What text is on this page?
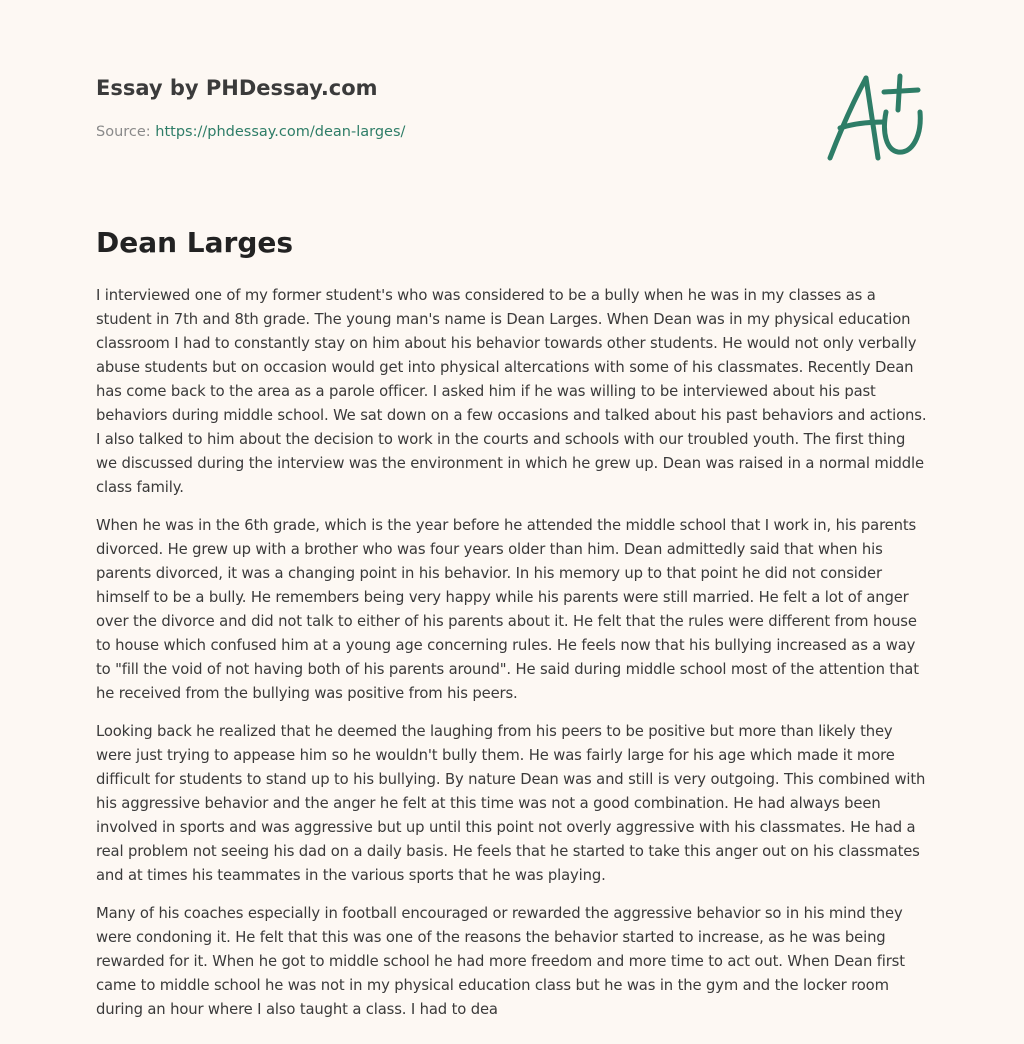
Essay by PHDessay.com
Source: https://phdessay.com/dean-larges/
Dean Larges

I interviewed one of my former student's who was considered to be a bully when he was in my classes as a student in 7th and 8th grade. The young man's name is Dean Larges. When Dean was in my physical education classroom I had to constantly stay on him about his behavior towards other students. He would not only verbally abuse students but on occasion would get into physical altercations with some of his classmates. Recently Dean has come back to the area as a parole officer. I asked him if he was willing to be interviewed about his past behaviors during middle school. We sat down on a few occasions and talked about his past behaviors and actions. I also talked to him about the decision to work in the courts and schools with our troubled youth. The first thing we discussed during the interview was the environment in which he grew up. Dean was raised in a normal middle class family.

When he was in the 6th grade, which is the year before he attended the middle school that I work in, his parents divorced. He grew up with a brother who was four years older than him. Dean admittedly said that when his parents divorced, it was a changing point in his behavior. In his memory up to that point he did not consider himself to be a bully. He remembers being very happy while his parents were still married. He felt a lot of anger over the divorce and did not talk to either of his parents about it. He felt that the rules were different from house to house which confused him at a young age concerning rules. He feels now that his bullying increased as a way to "fill the void of not having both of his parents around". He said during middle school most of the attention that he received from the bullying was positive from his peers.

Looking back he realized that he deemed the laughing from his peers to be positive but more than likely they were just trying to appease him so he wouldn't bully them. He was fairly large for his age which made it more difficult for students to stand up to his bullying. By nature Dean was and still is very outgoing. This combined with his aggressive behavior and the anger he felt at this time was not a good combination. He had always been involved in sports and was aggressive but up until this point not overly aggressive with his classmates. He had a real problem not seeing his dad on a daily basis. He feels that he started to take this anger out on his classmates and at times his teammates in the various sports that he was playing.

Many of his coaches especially in football encouraged or rewarded the aggressive behavior so in his mind they were condoning it. He felt that this was one of the reasons the behavior started to increase, as he was being rewarded for it. When he got to middle school he had more freedom and more time to act out. When Dean first came to middle school he was not in my physical education class but he was in the gym and the locker room during an hour where I also taught a class. I had to dea
